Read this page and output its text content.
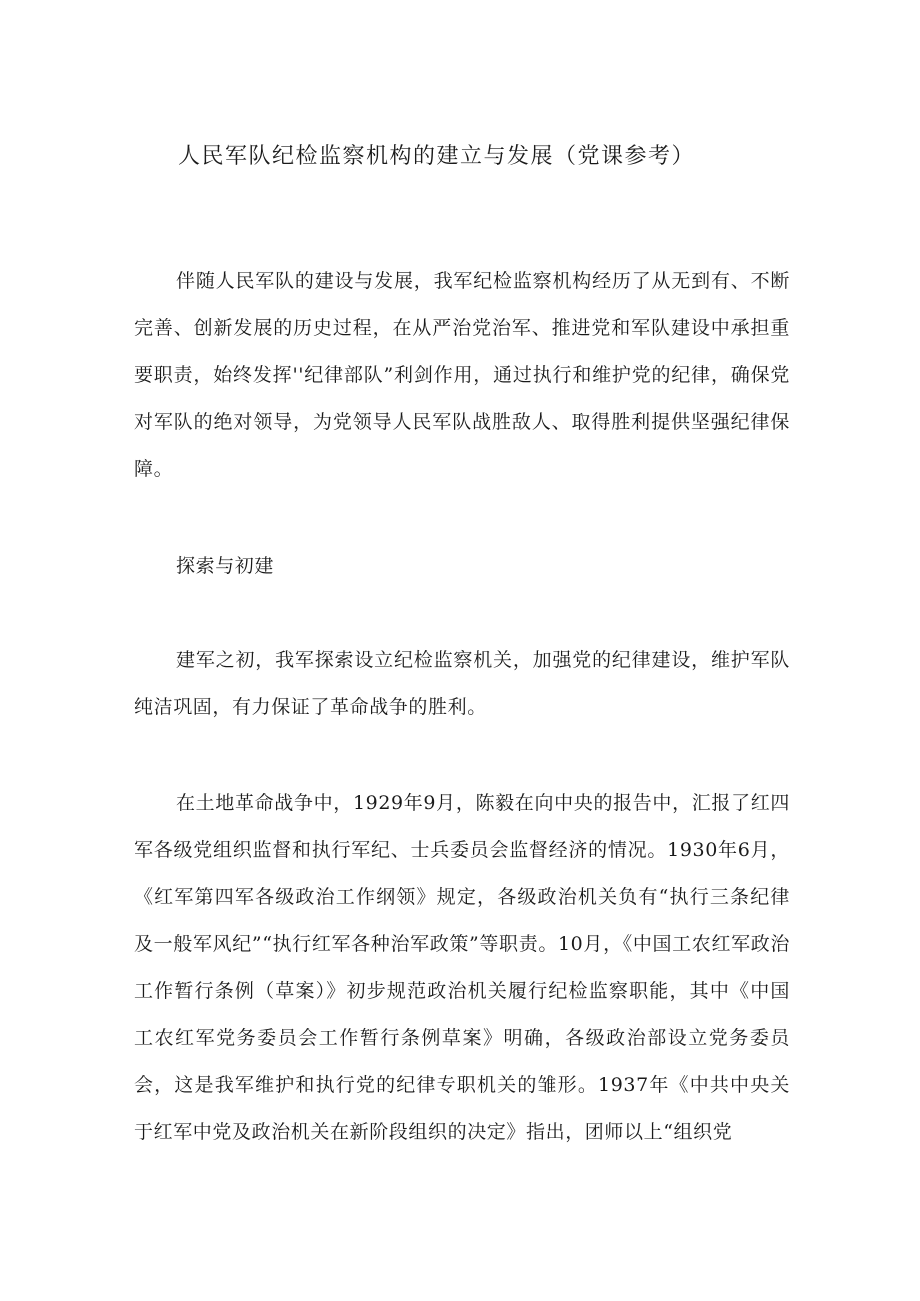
人民军队纪检监察机构的建立与发展（党课参考）

伴随人民军队的建设与发展，我军纪检监察机构经历了从无到有、不断完善、创新发展的历史过程，在从严治党治军、推进党和军队建设中承担重要职责，始终发挥''纪律部队”利剑作用，通过执行和维护党的纪律，确保党对军队的绝对领导，为党领导人民军队战胜敌人、取得胜利提供坚强纪律保障。

探索与初建

建军之初，我军探索设立纪检监察机关，加强党的纪律建设，维护军队纯洁巩固，有力保证了革命战争的胜利。

在土地革命战争中，1929年9月，陈毅在向中央的报告中，汇报了红四军各级党组织监督和执行军纪、士兵委员会监督经济的情况。1930年6月，《红军第四军各级政治工作纲领》规定，各级政治机关负有“执行三条纪律及一般军风纪”“执行红军各种治军政策”等职责。10月，《中国工农红军政治工作暂行条例（草案）》初步规范政治机关履行纪检监察职能，其中《中国工农红军党务委员会工作暂行条例草案》明确，各级政治部设立党务委员会，这是我军维护和执行党的纪律专职机关的雏形。1937年《中共中央关于红军中党及政治机关在新阶段组织的决定》指出，团师以上“组织党
